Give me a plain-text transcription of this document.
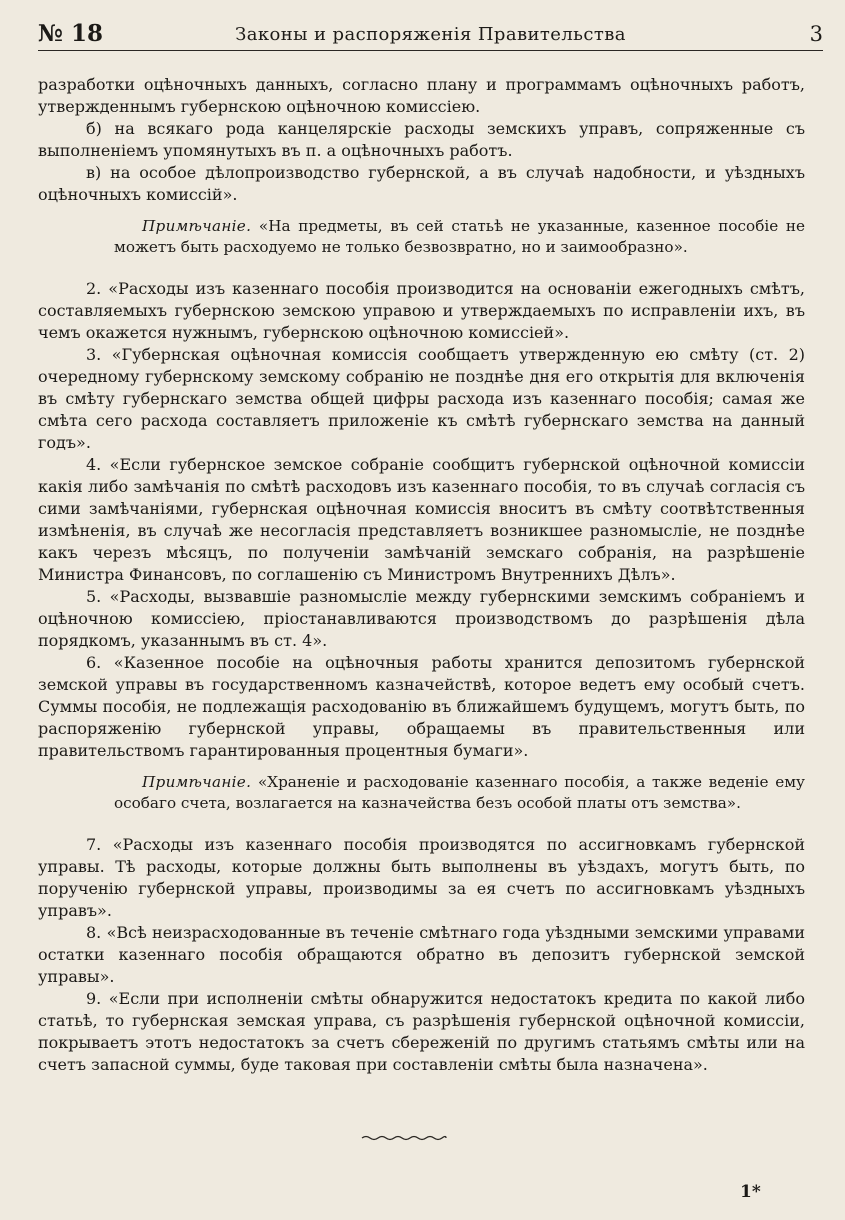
№ 18	Законы и распоряженія Правительства	3

разработки оцѣночныхъ данныхъ, согласно плану и программамъ оцѣночныхъ работъ, утвержденнымъ губернскою оцѣночною комиссіею.

б) на всякаго рода канцелярскіе расходы земскихъ управъ, сопряженные съ выполненіемъ упомянутыхъ въ п. а оцѣночныхъ работъ.

в) на особое дѣлопроизводство губернской, а въ случаѣ надобности, и уѣздныхъ оцѣночныхъ комиссій».

Примѣчаніе. «На предметы, въ сей статьѣ не указанные, казенное пособіе не можетъ быть расходуемо не только безвозвратно, но и заимообразно».

2. «Расходы изъ казеннаго пособія производится на основаніи ежегодныхъ смѣтъ, составляемыхъ губернскою земскою управою и утверждаемыхъ по исправленіи ихъ, въ чемъ окажется нужнымъ, губернскою оцѣночною комиссіей».

3. «Губернская оцѣночная комиссія сообщаетъ утвержденную ею смѣту (ст. 2) очередному губернскому земскому собранію не позднѣе дня его открытія для включенія въ смѣту губернскаго земства общей цифры расхода изъ казеннаго пособія; самая же смѣта сего расхода составляетъ приложеніе къ смѣтѣ губернскаго земства на данный годъ».

4. «Если губернское земское собраніе сообщитъ губернской оцѣночной комиссіи какія либо замѣчанія по смѣтѣ расходовъ изъ казеннаго пособія, то въ случаѣ согласія съ сими замѣчаніями, губернская оцѣночная комиссія вноситъ въ смѣту соотвѣтственныя измѣненія, въ случаѣ же несогласія представляетъ возникшее разномысліе, не позднѣе какъ черезъ мѣсяцъ, по полученіи замѣчаній земскаго собранія, на разрѣшеніе Министра Финансовъ, по соглашенію съ Министромъ Внутреннихъ Дѣлъ».

5. «Расходы, вызвавшіе разномысліе между губернскими земскимъ собраніемъ и оцѣночною комиссіею, пріостанавливаются производствомъ до разрѣшенія дѣла порядкомъ, указаннымъ въ ст. 4».

6. «Казенное пособіе на оцѣночныя работы хранится депозитомъ губернской земской управы въ государственномъ казначействѣ, которое ведетъ ему особый счетъ. Суммы пособія, не подлежащія расходованію въ ближайшемъ будущемъ, могутъ быть, по распоряженію губернской управы, обращаемы въ правительственныя или правительствомъ гарантированныя процентныя бумаги».

Примѣчаніе. «Храненіе и расходованіе казеннаго пособія, а также веденіе ему особаго счета, возлагается на казначейства безъ особой платы отъ земства».

7. «Расходы изъ казеннаго пособія производятся по ассигновкамъ губернской управы. Тѣ расходы, которые должны быть выполнены въ уѣздахъ, могутъ быть, по порученію губернской управы, производимы за ея счетъ по ассигновкамъ уѣздныхъ управъ».

8. «Всѣ неизрасходованные въ теченіе смѣтнаго года уѣздными земскими управами остатки казеннаго пособія обращаются обратно въ депозитъ губернской земской управы».

9. «Если при исполненіи смѣты обнаружится недостатокъ кредита по какой либо статьѣ, то губернская земская управа, съ разрѣшенія губернской оцѣночной комиссіи, покрываетъ этотъ недостатокъ за счетъ сбереженій по другимъ статьямъ смѣты или на счетъ запасной суммы, буде таковая при составленіи смѣты была назначена».

1*
